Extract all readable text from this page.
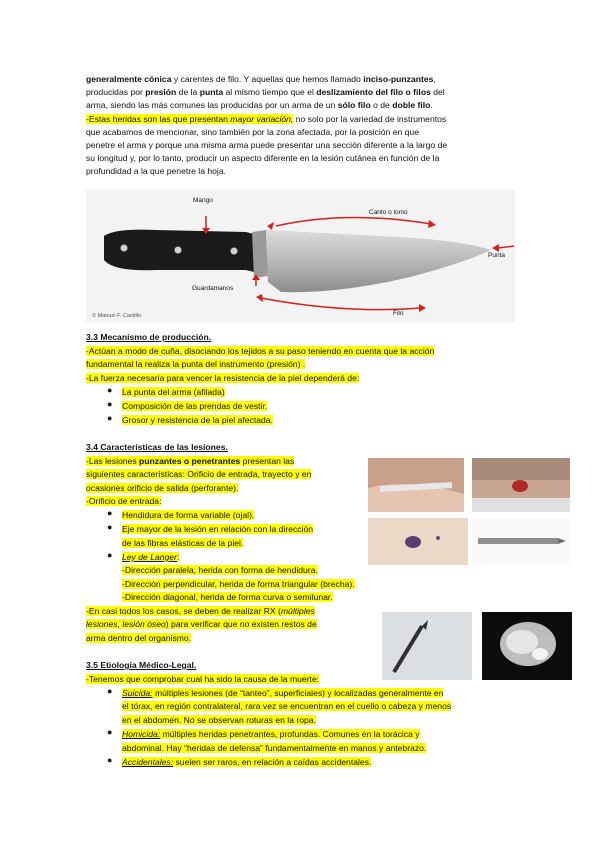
generalmente cónica y carentes de filo. Y aquellas que hemos llamado inciso-punzantes,
producidas por presión de la punta al mismo tiempo que el deslizamiento del filo o filos del
arma, siendo las más comunes las producidas por un arma de un sólo filo o de doble filo.
-Estas heridas son las que presentan mayor variación, no solo por la variedad de instrumentos
que acabamos de mencionar, sino también por la zona afectada, por la posición en que
penetre el arma y porque una misma arma puede presentar una sección diferente a la largo de
su longitud y, por lo tanto, producir un aspecto diferente en la lesión cutánea en función de la
profundidad a la que penetre la hoja.
Mango
Canto o lomo
Punta
Guardamanos
Filo
© Manuel F. Castillo
3.3 Mecanismo de producción.
-Actúan a modo de cuña, disociando los tejidos a su paso teniendo en cuenta que la acción
fundamental la realiza la punta del instrumento (presión) .
-La fuerza necesaria para vencer la resistencia de la piel dependerá de:
● La punta del arma (afilada)
● Composición de las prendas de vestir.
● Grosor y resistencia de la piel afectada.
3.4 Características de las lesiones.
-Las lesiones punzantes o penetrantes presentan las
siguientes características: Orificio de entrada, trayecto y en
ocasiones orificio de salida (perforante).
-Orificio de entrada:
● Hendidura de forma variable (ojal).
● Eje mayor de la lesión en relación con la dirección
de las fibras elásticas de la piel.
● Ley de Langer:
-Dirección paralela, herida con forma de hendidura.
-Dirección perpendicular, herida de forma triangular (brecha).
-Dirección diagonal, herida de forma curva o semilunar.
-En casi todos los casos, se deben de realizar RX (múltiples
lesiones, lesión óseo) para verificar que no existen restos de
arma dentro del organismo.
3.5 Etiología Médico-Legal.
-Tenemos que comprobar cual ha sido la causa de la muerte:
● Suicida: múltiples lesiones (de “tanteo”, superficiales) y localizadas generalmente en
el tórax, en región contralateral, rara vez se encuentran en el cuello o cabeza y menos
en el abdomen. No se observan roturas en la ropa.
● Homicida: múltiples heridas penetrantes, profundas. Comunes en la torácica y
abdominal. Hay “heridas de defensa” fundamentalmente en manos y antebrazo.
● Accidentales: suelen ser raros, en relación a caídas accidentales.
